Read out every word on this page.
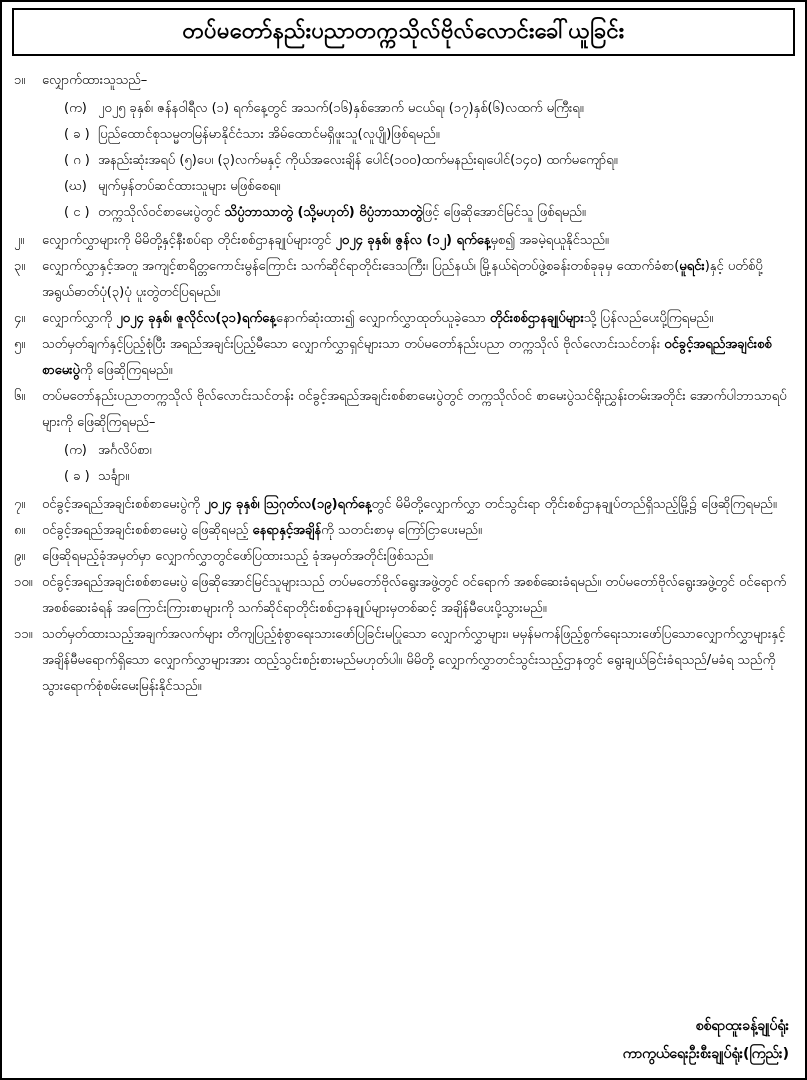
တပ်မတော်နည်းပညာတက္ကသိုလ်ဗိုလ်လောင်းခေါ်ယူခြင်း
၁။	လျှောက်ထားသူသည်–
(က) ၂၀၂၅ ခုနှစ်၊ ဇန်နဝါရီလ (၁) ရက်နေ့တွင် အသက်(၁၆)နှစ်အောက် မငယ်ရ၊ (၁၇)နှစ်(၆)လထက် မကြီးရ။
( ခ ) ပြည်ထောင်စုသမ္မတမြန်မာနိုင်ငံသား အိမ်ထောင်မရှိဖူးသူ(လူပျို)ဖြစ်ရမည်။
( ဂ ) အနည်းဆုံးအရပ် (၅)ပေ၊ (၃)လက်မနှင့် ကိုယ်အလေးချိန် ပေါင်(၁၀၀)ထက်မနည်းရ၊ပေါင်(၁၄၀) ထက်မကျော်ရ။
(ဃ) မျက်မှန်တပ်ဆင်ထားသူများ မဖြစ်စေရ။
( င ) တက္ကသိုလ်ဝင်စာမေးပွဲတွင် သိပ္ပံဘာသာတွဲ (သို့မဟုတ်) ဗိပ္ပံဘာသာတွဲဖြင့် ဖြေဆိုအောင်မြင်သူ ဖြစ်ရမည်။
၂။	လျှောက်လွှာများကို မိမိတို့နှင့်နီးစပ်ရာ တိုင်းစစ်ဌာနချုပ်များတွင် ၂၀၂၄ ခုနှစ်၊ ဇွန်လ (၁၂) ရက်နေ့မှစ၍ အခမဲ့ရယူနိုင်သည်။
၃။	လျှောက်လွှာနှင့်အတူ အကျင့်စာရိတ္တကောင်းမွန်ကြောင်း သက်ဆိုင်ရာတိုင်းဒေသကြီး၊ ပြည်နယ်၊ မြို့နယ်ရဲတပ်ဖွဲ့စခန်းတစ်ခုခုမှ ထောက်ခံစာ(မူရင်း)နှင့် ပတ်စ်ပို့အရွယ်ဓာတ်ပုံ(၃)ပုံ ပူးတွဲတင်ပြရမည်။
၄။	လျှောက်လွှာကို ၂၀၂၄ ခုနှစ်၊ ဇူလိုင်လ(၃၁)ရက်နေ့နောက်ဆုံးထား၍ လျှောက်လွှာထုတ်ယူခဲ့သော တိုင်းစစ်ဌာနချုပ်များသို့ ပြန်လည်ပေးပို့ကြရမည်။
၅။	သတ်မှတ်ချက်နှင့်ပြည့်စုံပြီး အရည်အချင်းပြည့်မီသော လျှောက်လွှာရှင်များသာ တပ်မတော်နည်းပညာ တက္ကသိုလ် ဗိုလ်လောင်းသင်တန်း ဝင်ခွင့်အရည်အချင်းစစ်စာမေးပွဲကို ဖြေဆိုကြရမည်။
၆။	တပ်မတော်နည်းပညာတက္ကသိုလ် ဗိုလ်လောင်းသင်တန်း ဝင်ခွင့်အရည်အချင်းစစ်စာမေးပွဲတွင် တက္ကသိုလ်ဝင် စာမေးပွဲသင်ရိုးညွှန်းတမ်းအတိုင်း အောက်ပါဘာသာရပ်များကို ဖြေဆိုကြရမည်–
(က) အင်္ဂလိပ်စာ၊
( ခ ) သင်္ချာ။
၇။	ဝင်ခွင့်အရည်အချင်းစစ်စာမေးပွဲကို ၂၀၂၄ ခုနှစ်၊ ဩဂုတ်လ(၁၉)ရက်နေ့တွင် မိမိတို့လျှောက်လွှာ တင်သွင်းရာ တိုင်းစစ်ဌာနချုပ်တည်ရှိသည့်မြို့၌ ဖြေဆိုကြရမည်။
၈။	ဝင်ခွင့်အရည်အချင်းစစ်စာမေးပွဲ ဖြေဆိုရမည့် နေရာနှင့်အချိန်ကို သတင်းစာမှ ကြော်ငြာပေးမည်။
၉။	ဖြေဆိုရမည့်ခုံအမှတ်မှာ လျှောက်လွှာတွင်ဖော်ပြထားသည့် ခုံအမှတ်အတိုင်းဖြစ်သည်။
၁၀။ ဝင်ခွင့်အရည်အချင်းစစ်စာမေးပွဲ ဖြေဆိုအောင်မြင်သူများသည် တပ်မတော်ဗိုလ်ရွေးအဖွဲ့တွင် ဝင်ရောက် အစစ်ဆေးခံရမည်။ တပ်မတော်ဗိုလ်ရွေးအဖွဲ့တွင် ဝင်ရောက်အစစ်ဆေးခံရန် အကြောင်းကြားစာများကို သက်ဆိုင်ရာတိုင်းစစ်ဌာနချုပ်များမှတစ်ဆင့် အချိန်မီပေးပို့သွားမည်။
၁၁။ သတ်မှတ်ထားသည့်အချက်အလက်များ တိကျပြည့်စုံစွာရေးသားဖော်ပြခြင်းမပြုသော လျှောက်လွှာများ၊ မမှန်မကန်ဖြည့်စွက်ရေးသားဖော်ပြသောလျှောက်လွှာများနှင့် အချိန်မီမရောက်ရှိသော လျှောက်လွှာများအား ထည့်သွင်းစဉ်းစားမည်မဟုတ်ပါ။ မိမိတို့ လျှောက်လွှာတင်သွင်းသည့်ဌာနတွင် ရွေးချယ်ခြင်းခံရသည်/မခံရ သည်ကို သွားရောက်စုံစမ်းမေးမြန်းနိုင်သည်။
စစ်ရာထူးခန့်ချုပ်ရုံး
ကာကွယ်ရေးဦးစီးချုပ်ရုံး(ကြည်း)
